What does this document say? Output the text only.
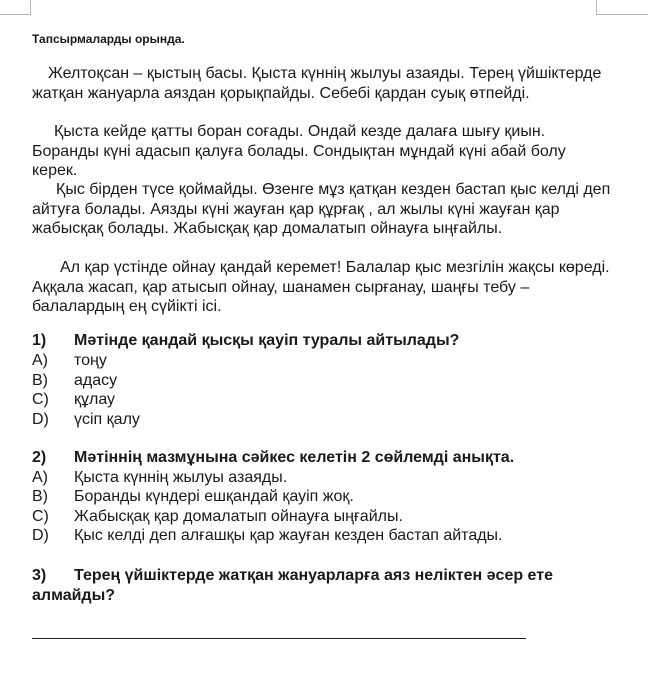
Тапсырмаларды орында.
Желтоқсан – қыстың басы. Қыста күннің жылуы азаяды. Терең үйшіктерде жатқан жануарла аяздан қорықпайды. Себебі қардан суық өтпейді.
Қыста кейде қатты боран соғады. Ондай кезде далаға шығу қиын. Боранды күні адасып қалуға болады. Сондықтан мұндай күні абай болу керек.
Қыс бірден түсе қоймайды. Өзенге мұз қатқан кезден бастап қыс келді деп айтуға болады. Аязды күні жауған қар құрғақ , ал жылы күні жауған қар жабысқақ болады. Жабысқақ қар домалатып ойнауға ыңғайлы.
Ал қар үстінде ойнау қандай керемет! Балалар қыс мезгілін жақсы көреді. Аққала жасап, қар атысып ойнау, шанамен сырғанау, шаңғы тебу – балалардың ең сүйікті ісі.
1) Мәтінде қандай қысқы қауіп туралы айтылады?
A) тоңу
B) адасу
C) құлау
D) үсіп қалу
2) Мәтіннің мазмұнына сәйкес келетін 2 сөйлемді анықта.
A) Қыста күннің жылуы азаяды.
B) Боранды күндері ешқандай қауіп жоқ.
C) Жабысқақ қар домалатып ойнауға ыңғайлы.
D) Қыс келді деп алғашқы қар жауған кезден бастап айтады.
3) Терең үйшіктерде жатқан жануарларға аяз неліктен әсер ете алмайды?
